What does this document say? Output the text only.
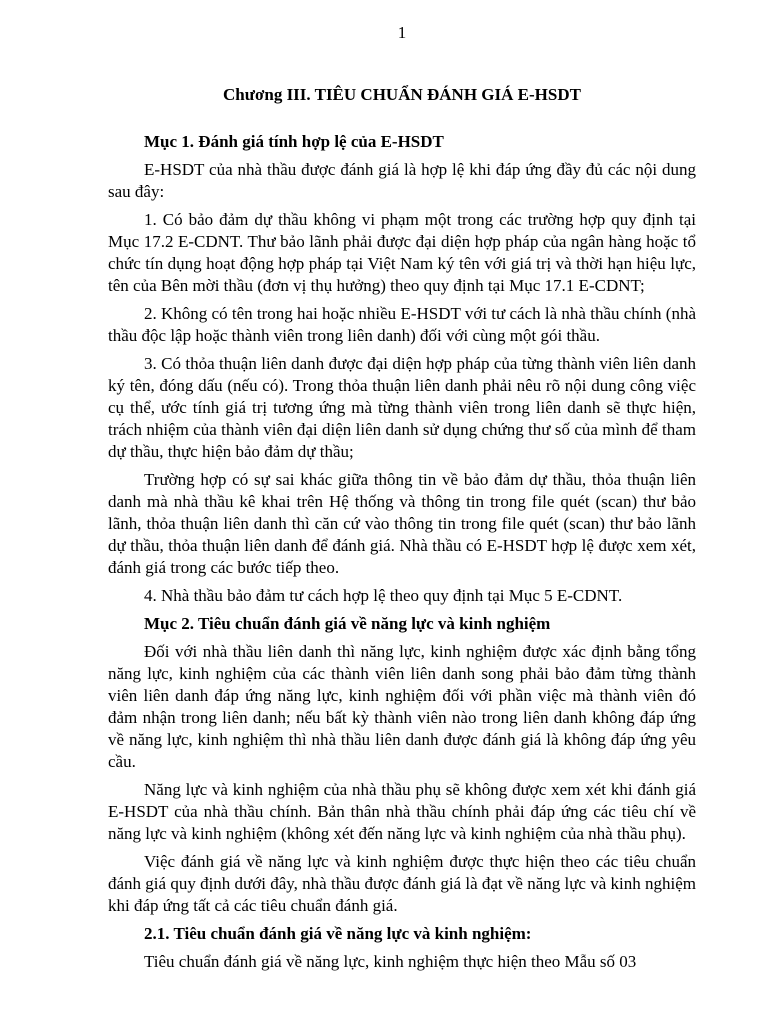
1
Chương III. TIÊU CHUẨN ĐÁNH GIÁ E-HSDT
Mục 1. Đánh giá tính hợp lệ của E-HSDT

E-HSDT của nhà thầu được đánh giá là hợp lệ khi đáp ứng đầy đủ các nội dung sau đây:

1. Có bảo đảm dự thầu không vi phạm một trong các trường hợp quy định tại Mục 17.2 E-CDNT. Thư bảo lãnh phải được đại diện hợp pháp của ngân hàng hoặc tổ chức tín dụng hoạt động hợp pháp tại Việt Nam ký tên với giá trị và thời hạn hiệu lực, tên của Bên mời thầu (đơn vị thụ hưởng) theo quy định tại Mục 17.1 E-CDNT;

2. Không có tên trong hai hoặc nhiều E-HSDT với tư cách là nhà thầu chính (nhà thầu độc lập hoặc thành viên trong liên danh) đối với cùng một gói thầu.

3. Có thỏa thuận liên danh được đại diện hợp pháp của từng thành viên liên danh ký tên, đóng dấu (nếu có). Trong thỏa thuận liên danh phải nêu rõ nội dung công việc cụ thể, ước tính giá trị tương ứng mà từng thành viên trong liên danh sẽ thực hiện, trách nhiệm của thành viên đại diện liên danh sử dụng chứng thư số của mình để tham dự thầu, thực hiện bảo đảm dự thầu;

Trường hợp có sự sai khác giữa thông tin về bảo đảm dự thầu, thỏa thuận liên danh mà nhà thầu kê khai trên Hệ thống và thông tin trong file quét (scan) thư bảo lãnh, thỏa thuận liên danh thì căn cứ vào thông tin trong file quét (scan) thư bảo lãnh dự thầu, thỏa thuận liên danh để đánh giá. Nhà thầu có E-HSDT hợp lệ được xem xét, đánh giá trong các bước tiếp theo.

4. Nhà thầu bảo đảm tư cách hợp lệ theo quy định tại Mục 5 E-CDNT.

Mục 2. Tiêu chuẩn đánh giá về năng lực và kinh nghiệm

Đối với nhà thầu liên danh thì năng lực, kinh nghiệm được xác định bằng tổng năng lực, kinh nghiệm của các thành viên liên danh song phải bảo đảm từng thành viên liên danh đáp ứng năng lực, kinh nghiệm đối với phần việc mà thành viên đó đảm nhận trong liên danh; nếu bất kỳ thành viên nào trong liên danh không đáp ứng về năng lực, kinh nghiệm thì nhà thầu liên danh được đánh giá là không đáp ứng yêu cầu.

Năng lực và kinh nghiệm của nhà thầu phụ sẽ không được xem xét khi đánh giá E-HSDT của nhà thầu chính. Bản thân nhà thầu chính phải đáp ứng các tiêu chí về năng lực và kinh nghiệm (không xét đến năng lực và kinh nghiệm của nhà thầu phụ).

Việc đánh giá về năng lực và kinh nghiệm được thực hiện theo các tiêu chuẩn đánh giá quy định dưới đây, nhà thầu được đánh giá là đạt về năng lực và kinh nghiệm khi đáp ứng tất cả các tiêu chuẩn đánh giá.

2.1. Tiêu chuẩn đánh giá về năng lực và kinh nghiệm:

Tiêu chuẩn đánh giá về năng lực, kinh nghiệm thực hiện theo Mẫu số 03
